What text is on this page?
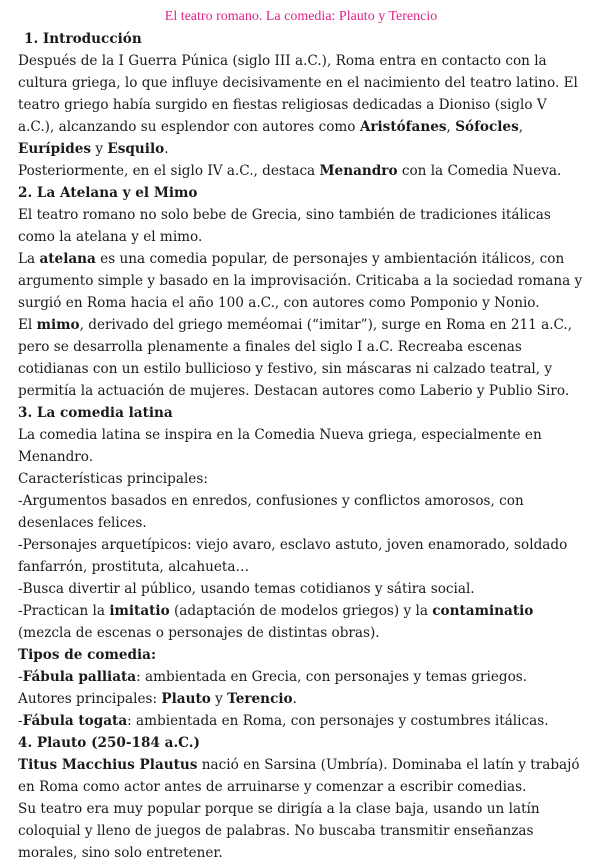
El teatro romano. La comedia: Plauto y Terencio
1. Introducción

Después de la I Guerra Púnica (siglo III a.C.), Roma entra en contacto con la cultura griega, lo que influye decisivamente en el nacimiento del teatro latino. El teatro griego había surgido en fiestas religiosas dedicadas a Dioniso (siglo V a.C.), alcanzando su esplendor con autores como Aristófanes, Sófocles, Eurípides y Esquilo.

Posteriormente, en el siglo IV a.C., destaca Menandro con la Comedia Nueva.

2. La Atelana y el Mimo

El teatro romano no solo bebe de Grecia, sino también de tradiciones itálicas como la atelana y el mimo.

La atelana es una comedia popular, de personajes y ambientación itálicos, con argumento simple y basado en la improvisación. Criticaba a la sociedad romana y surgió en Roma hacia el año 100 a.C., con autores como Pomponio y Nonio.

El mimo, derivado del griego meméomai (“imitar”), surge en Roma en 211 a.C., pero se desarrolla plenamente a finales del siglo I a.C. Recreaba escenas cotidianas con un estilo bullicioso y festivo, sin máscaras ni calzado teatral, y permitía la actuación de mujeres. Destacan autores como Laberio y Publio Siro.

3. La comedia latina

La comedia latina se inspira en la Comedia Nueva griega, especialmente en Menandro.

Características principales:

-Argumentos basados en enredos, confusiones y conflictos amorosos, con desenlaces felices.

-Personajes arquetípicos: viejo avaro, esclavo astuto, joven enamorado, soldado fanfarrón, prostituta, alcahueta…

-Busca divertir al público, usando temas cotidianos y sátira social.

-Practican la imitatio (adaptación de modelos griegos) y la contaminatio (mezcla de escenas o personajes de distintas obras).

Tipos de comedia:

-Fábula palliata: ambientada en Grecia, con personajes y temas griegos. Autores principales: Plauto y Terencio.

-Fábula togata: ambientada en Roma, con personajes y costumbres itálicas.

4. Plauto (250-184 a.C.)

Titus Macchius Plautus nació en Sarsina (Umbría). Dominaba el latín y trabajó en Roma como actor antes de arruinarse y comenzar a escribir comedias.

Su teatro era muy popular porque se dirigía a la clase baja, usando un latín coloquial y lleno de juegos de palabras. No buscaba transmitir enseñanzas morales, sino solo entretener.
